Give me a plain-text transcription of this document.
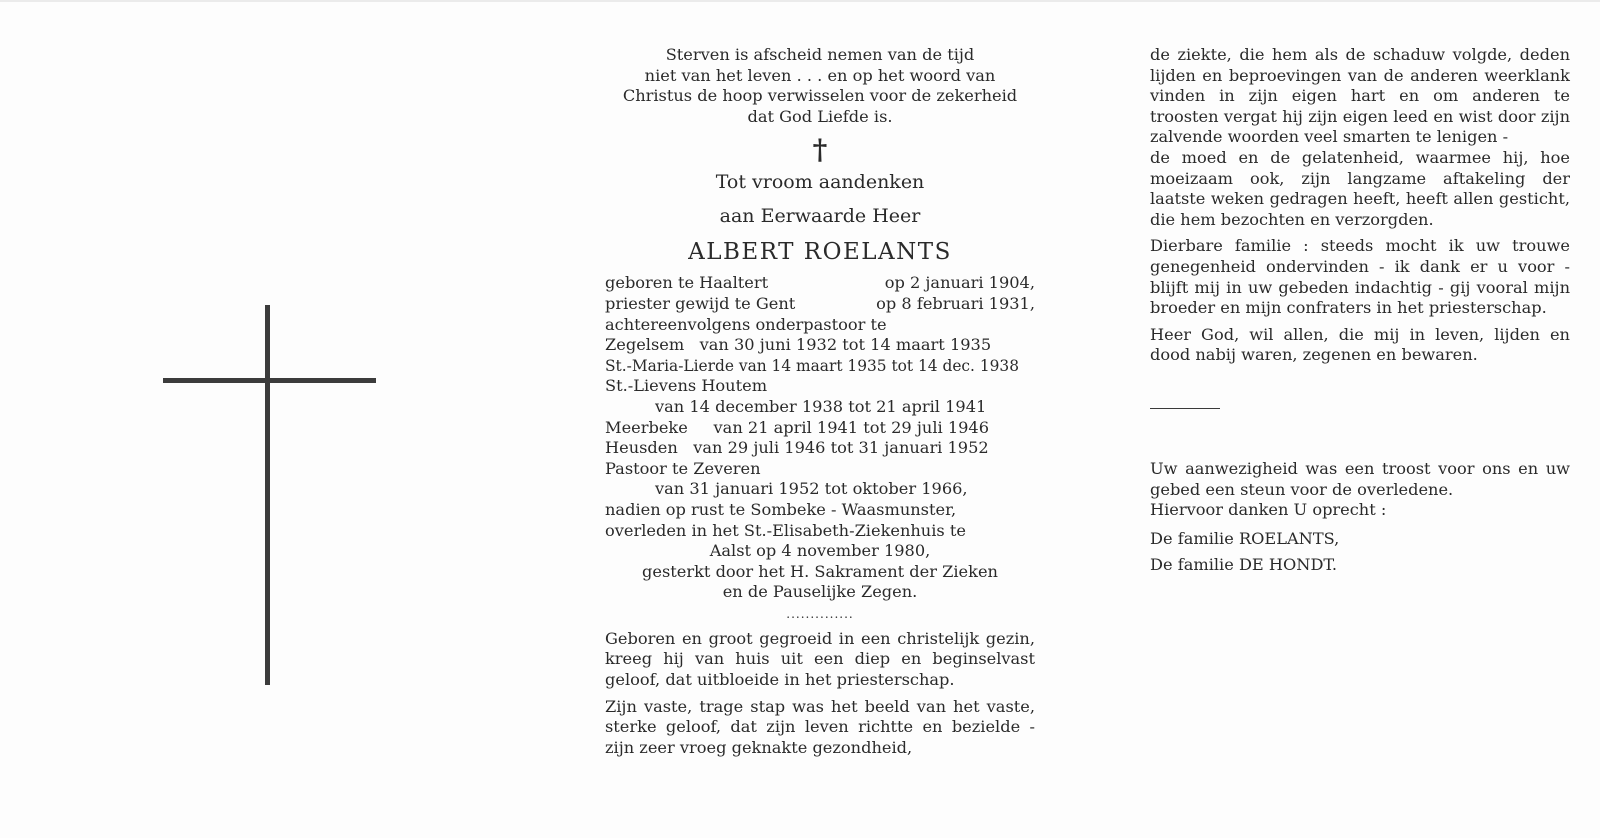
Sterven is afscheid nemen van de tijd
niet van het leven . . . en op het woord van
Christus de hoop verwisselen voor de zekerheid
dat God Liefde is.
†
Tot vroom aandenken
aan Eerwaarde Heer
ALBERT ROELANTS
geboren te Haaltert	op 2 januari 1904,
priester gewijd te Gent	op 8 februari 1931,
achtereenvolgens onderpastoor te
Zegelsem   van 30 juni 1932 tot 14 maart 1935
St.-Maria-Lierde van 14 maart 1935 tot 14 dec. 1938
St.-Lievens Houtem
van 14 december 1938 tot 21 april 1941
Meerbeke     van 21 april 1941 tot 29 juli 1946
Heusden   van 29 juli 1946 tot 31 januari 1952
Pastoor te Zeveren
van 31 januari 1952 tot oktober 1966,
nadien op rust te Sombeke - Waasmunster,
overleden in het St.-Elisabeth-Ziekenhuis te
Aalst op 4 november 1980,
gesterkt door het H. Sakrament der Zieken
en de Pauselijke Zegen.
..............

Geboren en groot gegroeid in een christelijk gezin, kreeg hij van huis uit een diep en beginselvast geloof, dat uitbloeide in het priesterschap.

Zijn vaste, trage stap was het beeld van het vaste, sterke geloof, dat zijn leven richtte en bezielde - zijn zeer vroeg geknakte gezondheid,

de ziekte, die hem als de schaduw volgde, deden lijden en beproevingen van de anderen weerklank vinden in zijn eigen hart en om anderen te troosten vergat hij zijn eigen leed en wist door zijn zalvende woorden veel smarten te lenigen -

de moed en de gelatenheid, waarmee hij, hoe moeizaam ook, zijn langzame aftakeling der laatste weken gedragen heeft, heeft allen gesticht, die hem bezochten en verzorgden.

Dierbare familie : steeds mocht ik uw trouwe genegenheid ondervinden - ik dank er u voor - blijft mij in uw gebeden indachtig - gij vooral mijn broeder en mijn confraters in het priesterschap.

Heer God, wil allen, die mij in leven, lijden en dood nabij waren, zegenen en bewaren.

Uw aanwezigheid was een troost voor ons en uw gebed een steun voor de overledene.

Hiervoor danken U oprecht :
De familie ROELANTS,
De familie DE HONDT.
